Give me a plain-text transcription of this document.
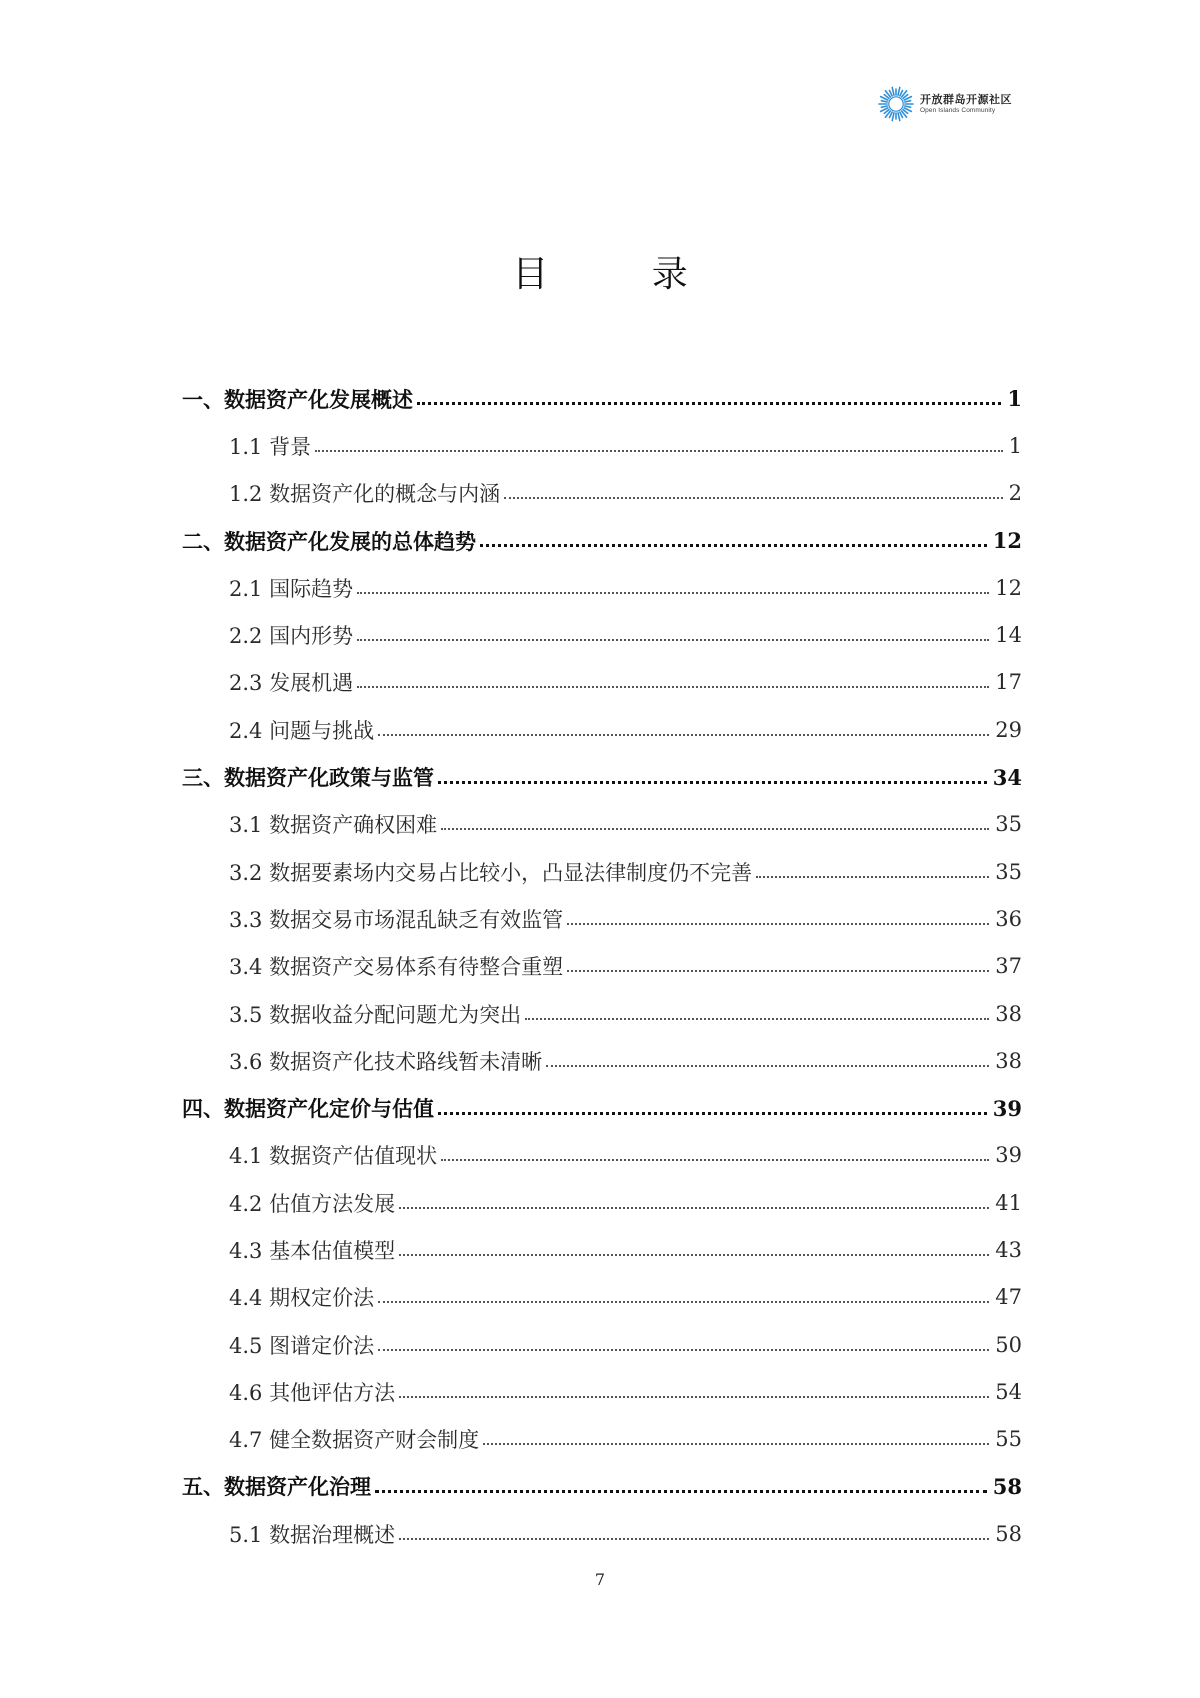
开放群岛开源社区
Open Islands Community
目 录
一、数据资产化发展概述	1
1.1 背景	1
1.2 数据资产化的概念与内涵	2
二、数据资产化发展的总体趋势	12
2.1 国际趋势	12
2.2 国内形势	14
2.3 发展机遇	17
2.4 问题与挑战	29
三、数据资产化政策与监管	34
3.1 数据资产确权困难	35
3.2 数据要素场内交易占比较小，凸显法律制度仍不完善	35
3.3 数据交易市场混乱缺乏有效监管	36
3.4 数据资产交易体系有待整合重塑	37
3.5 数据收益分配问题尤为突出	38
3.6 数据资产化技术路线暂未清晰	38
四、数据资产化定价与估值	39
4.1 数据资产估值现状	39
4.2 估值方法发展	41
4.3 基本估值模型	43
4.4 期权定价法	47
4.5 图谱定价法	50
4.6 其他评估方法	54
4.7 健全数据资产财会制度	55
五、数据资产化治理	58
5.1 数据治理概述	58
7
